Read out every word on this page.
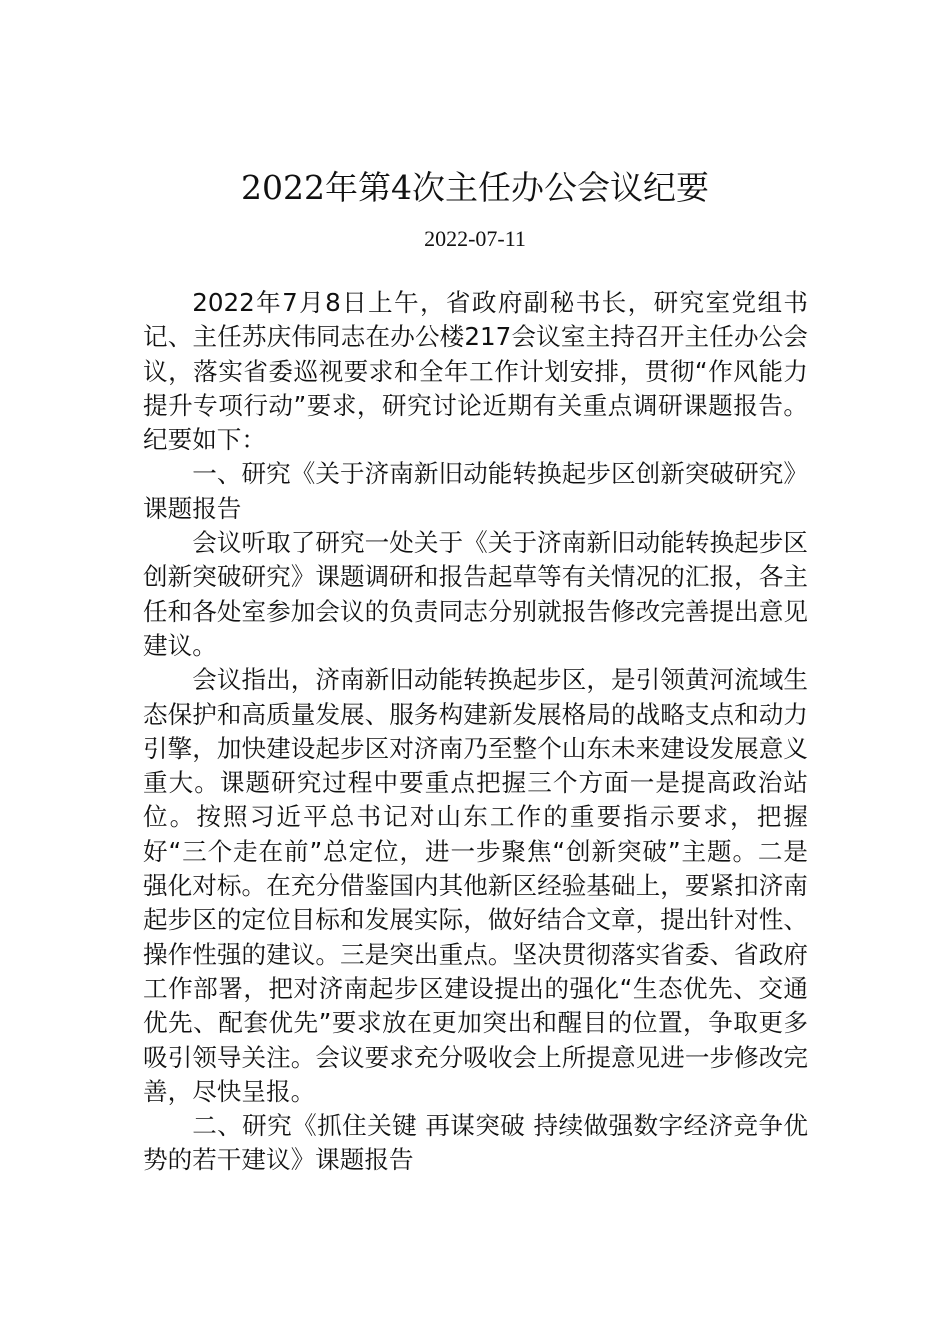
2022年第4次主任办公会议纪要
2022-07-11

2022年7月8日上午，省政府副秘书长，研究室党组书记、主任苏庆伟同志在办公楼217会议室主持召开主任办公会议，落实省委巡视要求和全年工作计划安排，贯彻“作风能力提升专项行动”要求，研究讨论近期有关重点调研课题报告。纪要如下：

一、研究《关于济南新旧动能转换起步区创新突破研究》课题报告

会议听取了研究一处关于《关于济南新旧动能转换起步区创新突破研究》课题调研和报告起草等有关情况的汇报，各主任和各处室参加会议的负责同志分别就报告修改完善提出意见建议。

会议指出，济南新旧动能转换起步区，是引领黄河流域生态保护和高质量发展、服务构建新发展格局的战略支点和动力引擎，加快建设起步区对济南乃至整个山东未来建设发展意义重大。课题研究过程中要重点把握三个方面一是提高政治站位。按照习近平总书记对山东工作的重要指示要求，把握好“三个走在前”总定位，进一步聚焦“创新突破”主题。二是强化对标。在充分借鉴国内其他新区经验基础上，要紧扣济南起步区的定位目标和发展实际，做好结合文章，提出针对性、操作性强的建议。三是突出重点。坚决贯彻落实省委、省政府工作部署，把对济南起步区建设提出的强化“生态优先、交通优先、配套优先”要求放在更加突出和醒目的位置，争取更多吸引领导关注。会议要求充分吸收会上所提意见进一步修改完善，尽快呈报。

二、研究《抓住关键 再谋突破 持续做强数字经济竞争优势的若干建议》课题报告
